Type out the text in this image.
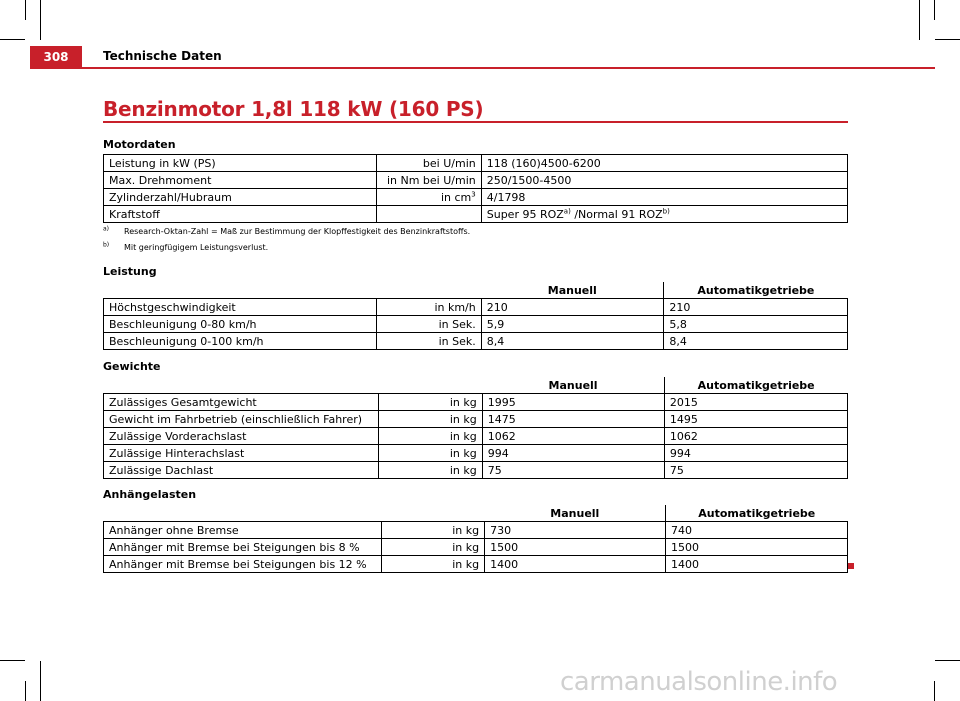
308	Technische Daten
Benzinmotor 1,8l 118 kW (160 PS)
Motordaten
Leistung in kW (PS)	bei U/min	118 (160)4500-6200
Max. Drehmoment	in Nm bei U/min	250/1500-4500
Zylinderzahl/Hubraum	in $cm^3$	4/1798
Kraftstoff		Super 95 ROZ$^{a)}$ /Normal 91 ROZ$^{b)}$
$^{a)}$ Research-Oktan-Zahl = Maß zur Bestimmung der Klopffestigkeit des Benzinkraftstoffs.
$^{b)}$ Mit geringfügigem Leistungsverlust.
Leistung
		Manuell	Automatikgetriebe
Höchstgeschwindigkeit	in km/h	210	210
Beschleunigung 0-80 km/h	in Sek.	5,9	5,8
Beschleunigung 0-100 km/h	in Sek.	8,4	8,4
Gewichte
		Manuell	Automatikgetriebe
Zulässiges Gesamtgewicht	in kg	1995	2015
Gewicht im Fahrbetrieb (einschließlich Fahrer)	in kg	1475	1495
Zulässige Vorderachslast	in kg	1062	1062
Zulässige Hinterachslast	in kg	994	994
Zulässige Dachlast	in kg	75	75
Anhängelasten
		Manuell	Automatikgetriebe
Anhänger ohne Bremse	in kg	730	740
Anhänger mit Bremse bei Steigungen bis 8 %	in kg	1500	1500
Anhänger mit Bremse bei Steigungen bis 12 %	in kg	1400	1400
carmanualsonline.info
